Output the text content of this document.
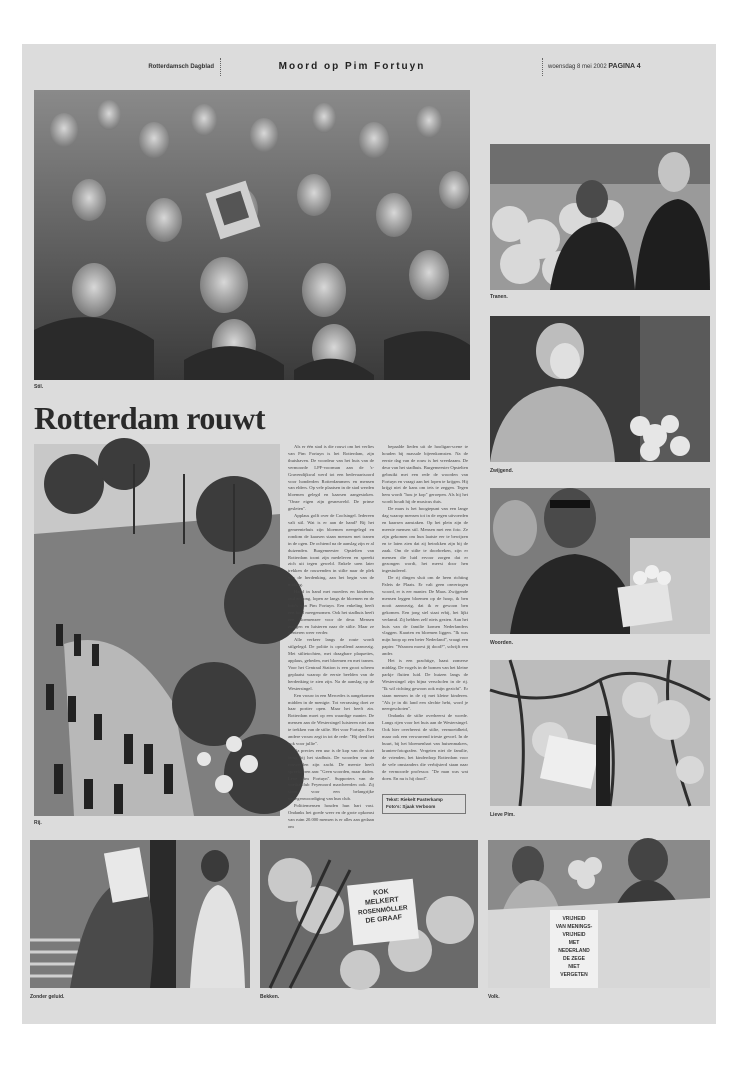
Rotterdamsch Dagblad	Moord op Pim Fortuyn	woensdag 8 mei 2002 PAGINA 4
Stil.
Tranen.
Zwijgend.
Woorden.
Lieve Pim.
Rotterdam rouwt
Rij.

Als er één stad is die rouwt om het verlies van Pim Fortuyn is het Rotterdam, zijn thuishaven. De voordeur van het huis van de vermoorde LPF-voorman aan de 's-Gravendijkwal werd tot een bedevaartsoord voor honderden Rotterdammers en mensen van elders. Op vele plaatsen in de stad werden bloemen gelegd en kaarsen aangestoken. "Onze eigen zijn gesneuveld. De prinse gesleten".

Applaus golft over de Coolsingel. Iedereen valt stil. Wat is er aan de hand? Bij het gemeentehuis zijn bloemen neergelegd en rondom de kaarsen staan mensen met tranen in de ogen. De ochtend na de aanslag zijn er al duizenden. Burgemeester Opstelten van Rotterdam toont zijn medeleven en spreekt zich uit tegen geweld. Enkele uren later trekken de rouwenden in stilte naar de plek van de herdenking, aan het begin van de middag.

Hand in hand met moeders en kinderen, oud en jong, lopen ze langs de bloemen en de foto's van Pim Fortuyn. Een enkeling heeft een bord meegenomen. Ook het stadhuis heeft een bloemenzee voor de deur. Mensen zwijgen en luisteren naar de stilte. Maar ze slenteren weer verder.

Alle verkeer langs de route wordt stilgelegd. De politie is opvallend aanwezig. Met stiltetochten, met draagbare plaquettes, applaus, gebeden, met bloemen en met tranen. Voor het Centraal Station is een groot scherm geplaatst waarop de eerste beelden van de herdenking te zien zijn. Na de aanslag op de Westersingel.

Een vrouw in een Mercedes is aangekomen midden in de menigte. Tot verrassing doet ze haar portier open. Maar het heeft zin. Rotterdam moet op een waardige manier. De mensen aan de Westersingel luisteren niet aan te trekken van de stilte. Het voor Fortuyn. Een andere vrouw zegt in tot de rede: "Hij deed het ook voor jullie".

Na precies een uur is de kop van de stoet terug bij het stadhuis. De woorden van de rouwenden zijn zacht. De meeste heeft spreekkoren aan: "Geen woorden, maar daden. Leve Pim Fortuyn". Supporters van de voetbalclub Feyenoord marcheerden ook. Zij staan voor een belangrijke vertegenwoordiging van hun club.

Politiemensen houden hun hart vast. Ondanks het goede weer en de grote opkomst van ruim 20.000 mensen is er alles aan gedaan om

bepaalde lieden uit de hooligan-scene te houden bij massale bijeenkomsten. Na de eerste dag van de rouw is het vreedzaam. De deur van het stadhuis. Burgemeester Opstelten gebruikt met een rede de woorden van Fortuyn en vraagt aan het lopen te krijgen. Hij krijgt niet de kans om iets te zeggen. Tegen hem wordt "hou je kop" geroepen. Als hij het wordt houdt hij de musicus duis.

De mars is het hoogtepunt van een lange dag waarop mensen tot in de regen uitvoerden en kaarsen aanstaken. Op het plein zijn de meeste mensen stil. Mensen met een foto. Ze zijn gekomen om hun laatste eer te bewijzen en te laten zien dat zij betrokken zijn bij de zaak. Om de stilte te doorbreken, zijn er mensen die luid ervoor zorgen dat er gezongen wordt, het meest door hen ingestudeerd.

De rij dingen sluit om de heen richting Paleis de Plaats. Er valt geen onvertogen woord, er is eer manier. De Maas. Zwijgende mensen leggen bloemen op de hoop, ik ben nooit aanwezig, dat ik er gewoon ben gekomen. Een jong stel staat erbij, het lijkt verlamd. Zij hebben zelf niets gezien. Aan het huis van de familie komen Nederlanders vlaggen. Kaarten en bloemen liggen. "Ik was mijn hoop op een beter Nederland", vraagt een papier. "Waarom moest jij dood?", schrijft een ander.

Het is een prachtige, haast zomerse middag. De vogels in de bomen van het kleine parkje fluiten luid. De huizen langs de Westersingel zijn bijna verscholen in de rij. "Ik wil richting gewoon ook mijn gezicht". Er staan mensen in de rij met kleine kinderen. "Als je in dit land een slechte hebt, word je neergeschoten".

Ondanks de stilte overheerst de woede. Langs rijen voor het huis aan de Westersingel. Ook hier overheerst de stilte, vermoeidheid, maar ook een verwarrend trieste gevoel. In de buurt, bij het bloemenhart van huisenmakers, kranten-fotografen. Vergeten niet de familie, de vrienden, het kinderdorp Rotterdam voor de vele omstanders die verbijsterd staan naar de vermoorde professor. "De man was wat doen. En nu is hij dood".

Tekst: Riekelt Pasterkamp
Foto's: Sjaak Verboom
Zonder geluid.
KOK
MELKERT
ROSENMÖLLER
DE GRAAF
Bekken.
VRIJHEID
VAN MENINGS-
VRIJHEID
MET
NEDERLAND
DE ZEGE
NIET
VERGETEN
Volk.
